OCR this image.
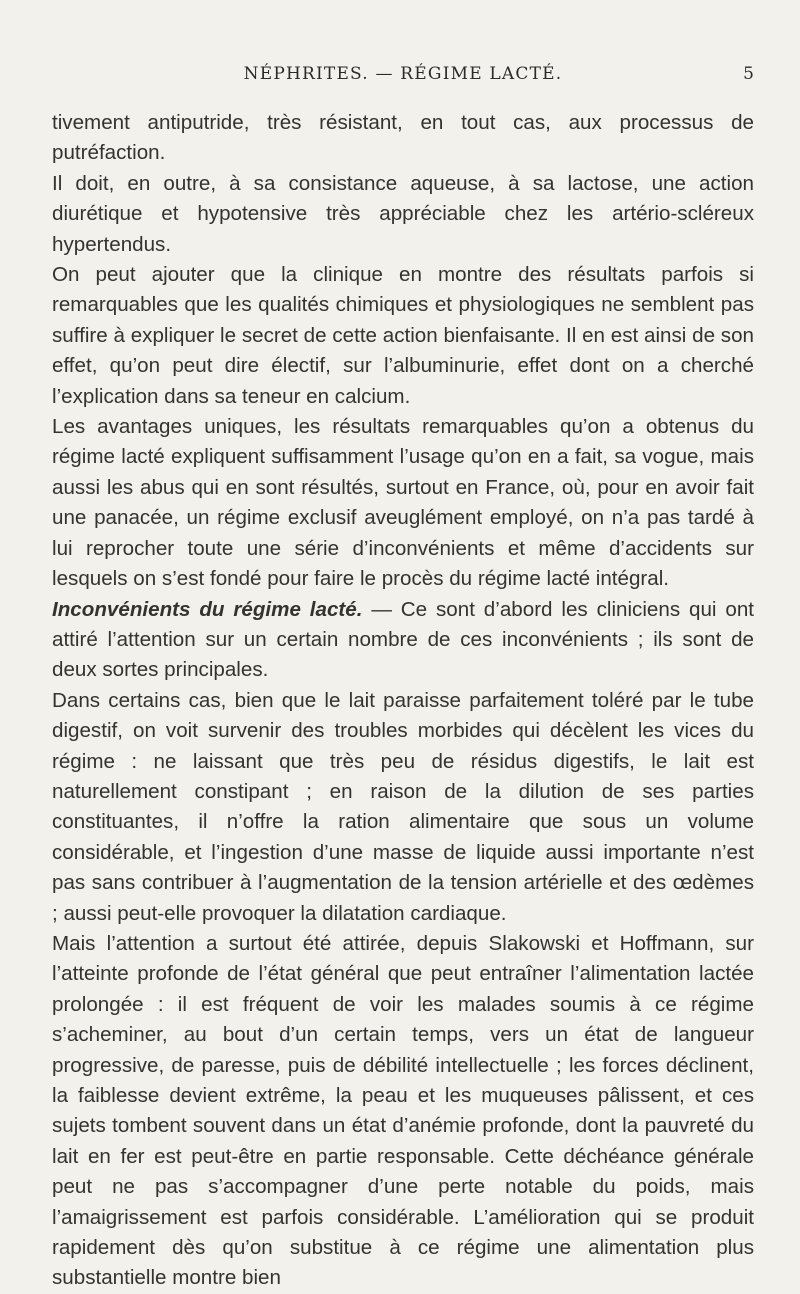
NÉPHRITES. — RÉGIME LACTÉ.	5

tivement antiputride, très résistant, en tout cas, aux processus de putréfaction.

Il doit, en outre, à sa consistance aqueuse, à sa lactose, une action diurétique et hypotensive très appréciable chez les artério-scléreux hypertendus.

On peut ajouter que la clinique en montre des résultats parfois si remarquables que les qualités chimiques et physiologiques ne semblent pas suffire à expliquer le secret de cette action bienfaisante. Il en est ainsi de son effet, qu’on peut dire électif, sur l’albuminurie, effet dont on a cherché l’explication dans sa teneur en calcium.

Les avantages uniques, les résultats remarquables qu’on a obtenus du régime lacté expliquent suffisamment l’usage qu’on en a fait, sa vogue, mais aussi les abus qui en sont résultés, surtout en France, où, pour en avoir fait une panacée, un régime exclusif aveuglément employé, on n’a pas tardé à lui reprocher toute une série d’inconvénients et même d’accidents sur lesquels on s’est fondé pour faire le procès du régime lacté intégral.

Inconvénients du régime lacté. — Ce sont d’abord les cliniciens qui ont attiré l’attention sur un certain nombre de ces inconvénients ; ils sont de deux sortes principales.

Dans certains cas, bien que le lait paraisse parfaitement toléré par le tube digestif, on voit survenir des troubles morbides qui décèlent les vices du régime : ne laissant que très peu de résidus digestifs, le lait est naturellement constipant ; en raison de la dilution de ses parties constituantes, il n’offre la ration alimentaire que sous un volume considérable, et l’ingestion d’une masse de liquide aussi importante n’est pas sans contribuer à l’augmentation de la tension artérielle et des œdèmes ; aussi peut-elle provoquer la dilatation cardiaque.

Mais l’attention a surtout été attirée, depuis Slakowski et Hoffmann, sur l’atteinte profonde de l’état général que peut entraîner l’alimentation lactée prolongée : il est fréquent de voir les malades soumis à ce régime s’acheminer, au bout d’un certain temps, vers un état de langueur progressive, de paresse, puis de débilité intellectuelle ; les forces déclinent, la faiblesse devient extrême, la peau et les muqueuses pâlissent, et ces sujets tombent souvent dans un état d’anémie profonde, dont la pauvreté du lait en fer est peut-être en partie responsable. Cette déchéance générale peut ne pas s’accompagner d’une perte notable du poids, mais l’amaigrissement est parfois considérable. L’amélioration qui se produit rapidement dès qu’on substitue à ce régime une alimentation plus substantielle montre bien
